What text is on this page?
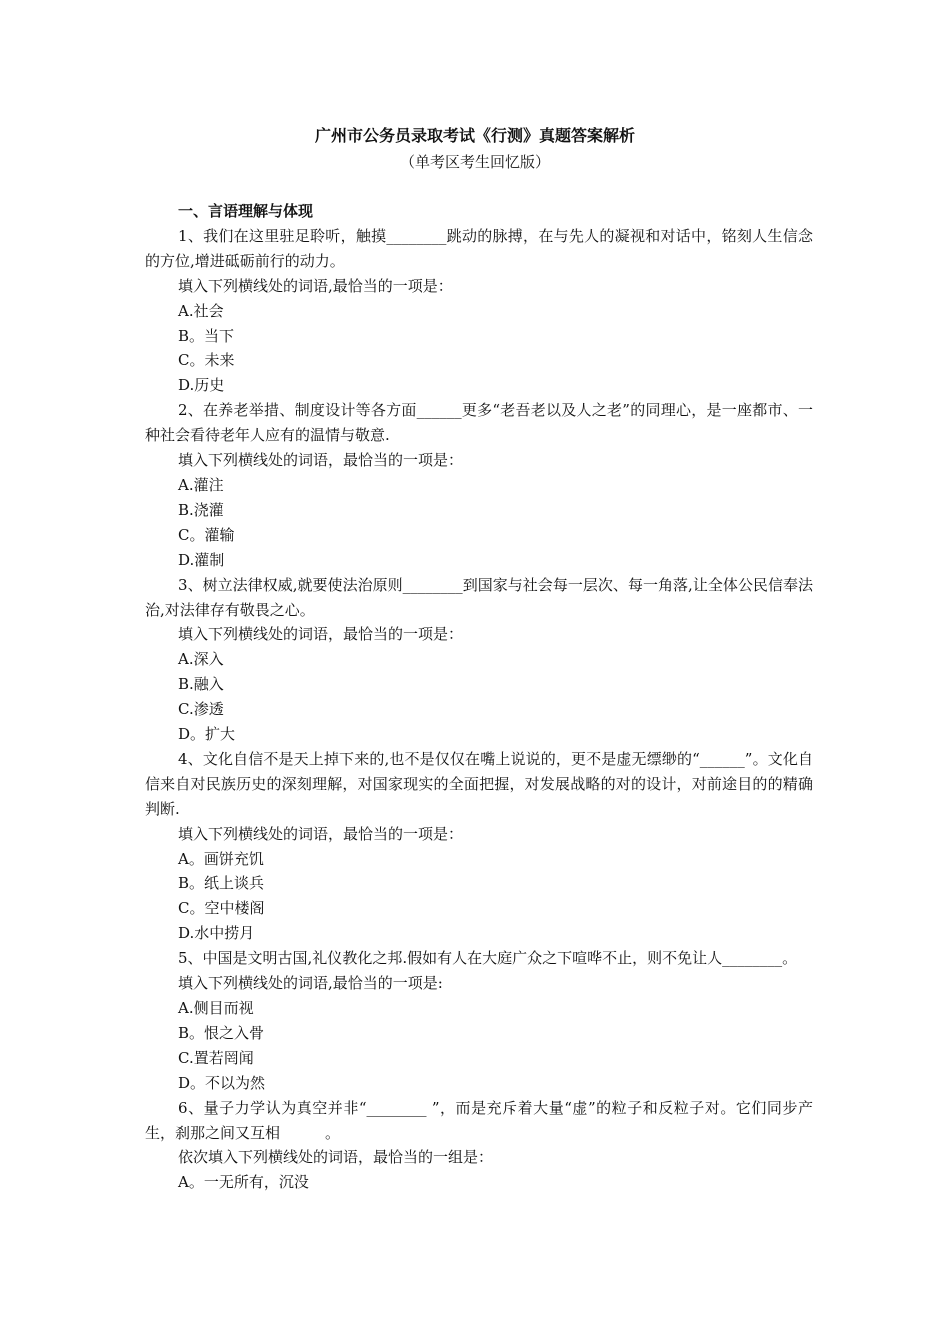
广州市公务员录取考试《行测》真题答案解析
（单考区考生回忆版）
一、言语理解与体现

1、我们在这里驻足聆听，触摸________跳动的脉搏，在与先人的凝视和对话中，铭刻人生信念的方位,增进砥砺前行的动力。

填入下列横线处的词语,最恰当的一项是：
A.社会
B。当下
C。未来
D.历史

2、在养老举措、制度设计等各方面______更多“老吾老以及人之老”的同理心，是一座都市、一种社会看待老年人应有的温情与敬意.

填入下列横线处的词语，最恰当的一项是：
A.灌注
B.浇灌
C。灌输
D.灌制

3、树立法律权威,就要使法治原则________到国家与社会每一层次、每一角落,让全体公民信奉法治,对法律存有敬畏之心。

填入下列横线处的词语，最恰当的一项是：
A.深入
B.融入
C.渗透
D。扩大

4、文化自信不是天上掉下来的,也不是仅仅在嘴上说说的，更不是虚无缥缈的“______”。文化自信来自对民族历史的深刻理解，对国家现实的全面把握，对发展战略的对的设计，对前途目的的精确判断.

填入下列横线处的词语，最恰当的一项是：
A。画饼充饥
B。纸上谈兵
C。空中楼阁
D.水中捞月

5、中国是文明古国,礼仪教化之邦.假如有人在大庭广众之下喧哗不止，则不免让人________。

填入下列横线处的词语,最恰当的一项是:
A.侧目而视
B。恨之入骨
C.置若罔闻
D。不以为然

6、量子力学认为真空并非“________ ”，而是充斥着大量“虚”的粒子和反粒子对。它们同步产生，刹那之间又互相　　　。

依次填入下列横线处的词语，最恰当的一组是：
A。一无所有，沉没
